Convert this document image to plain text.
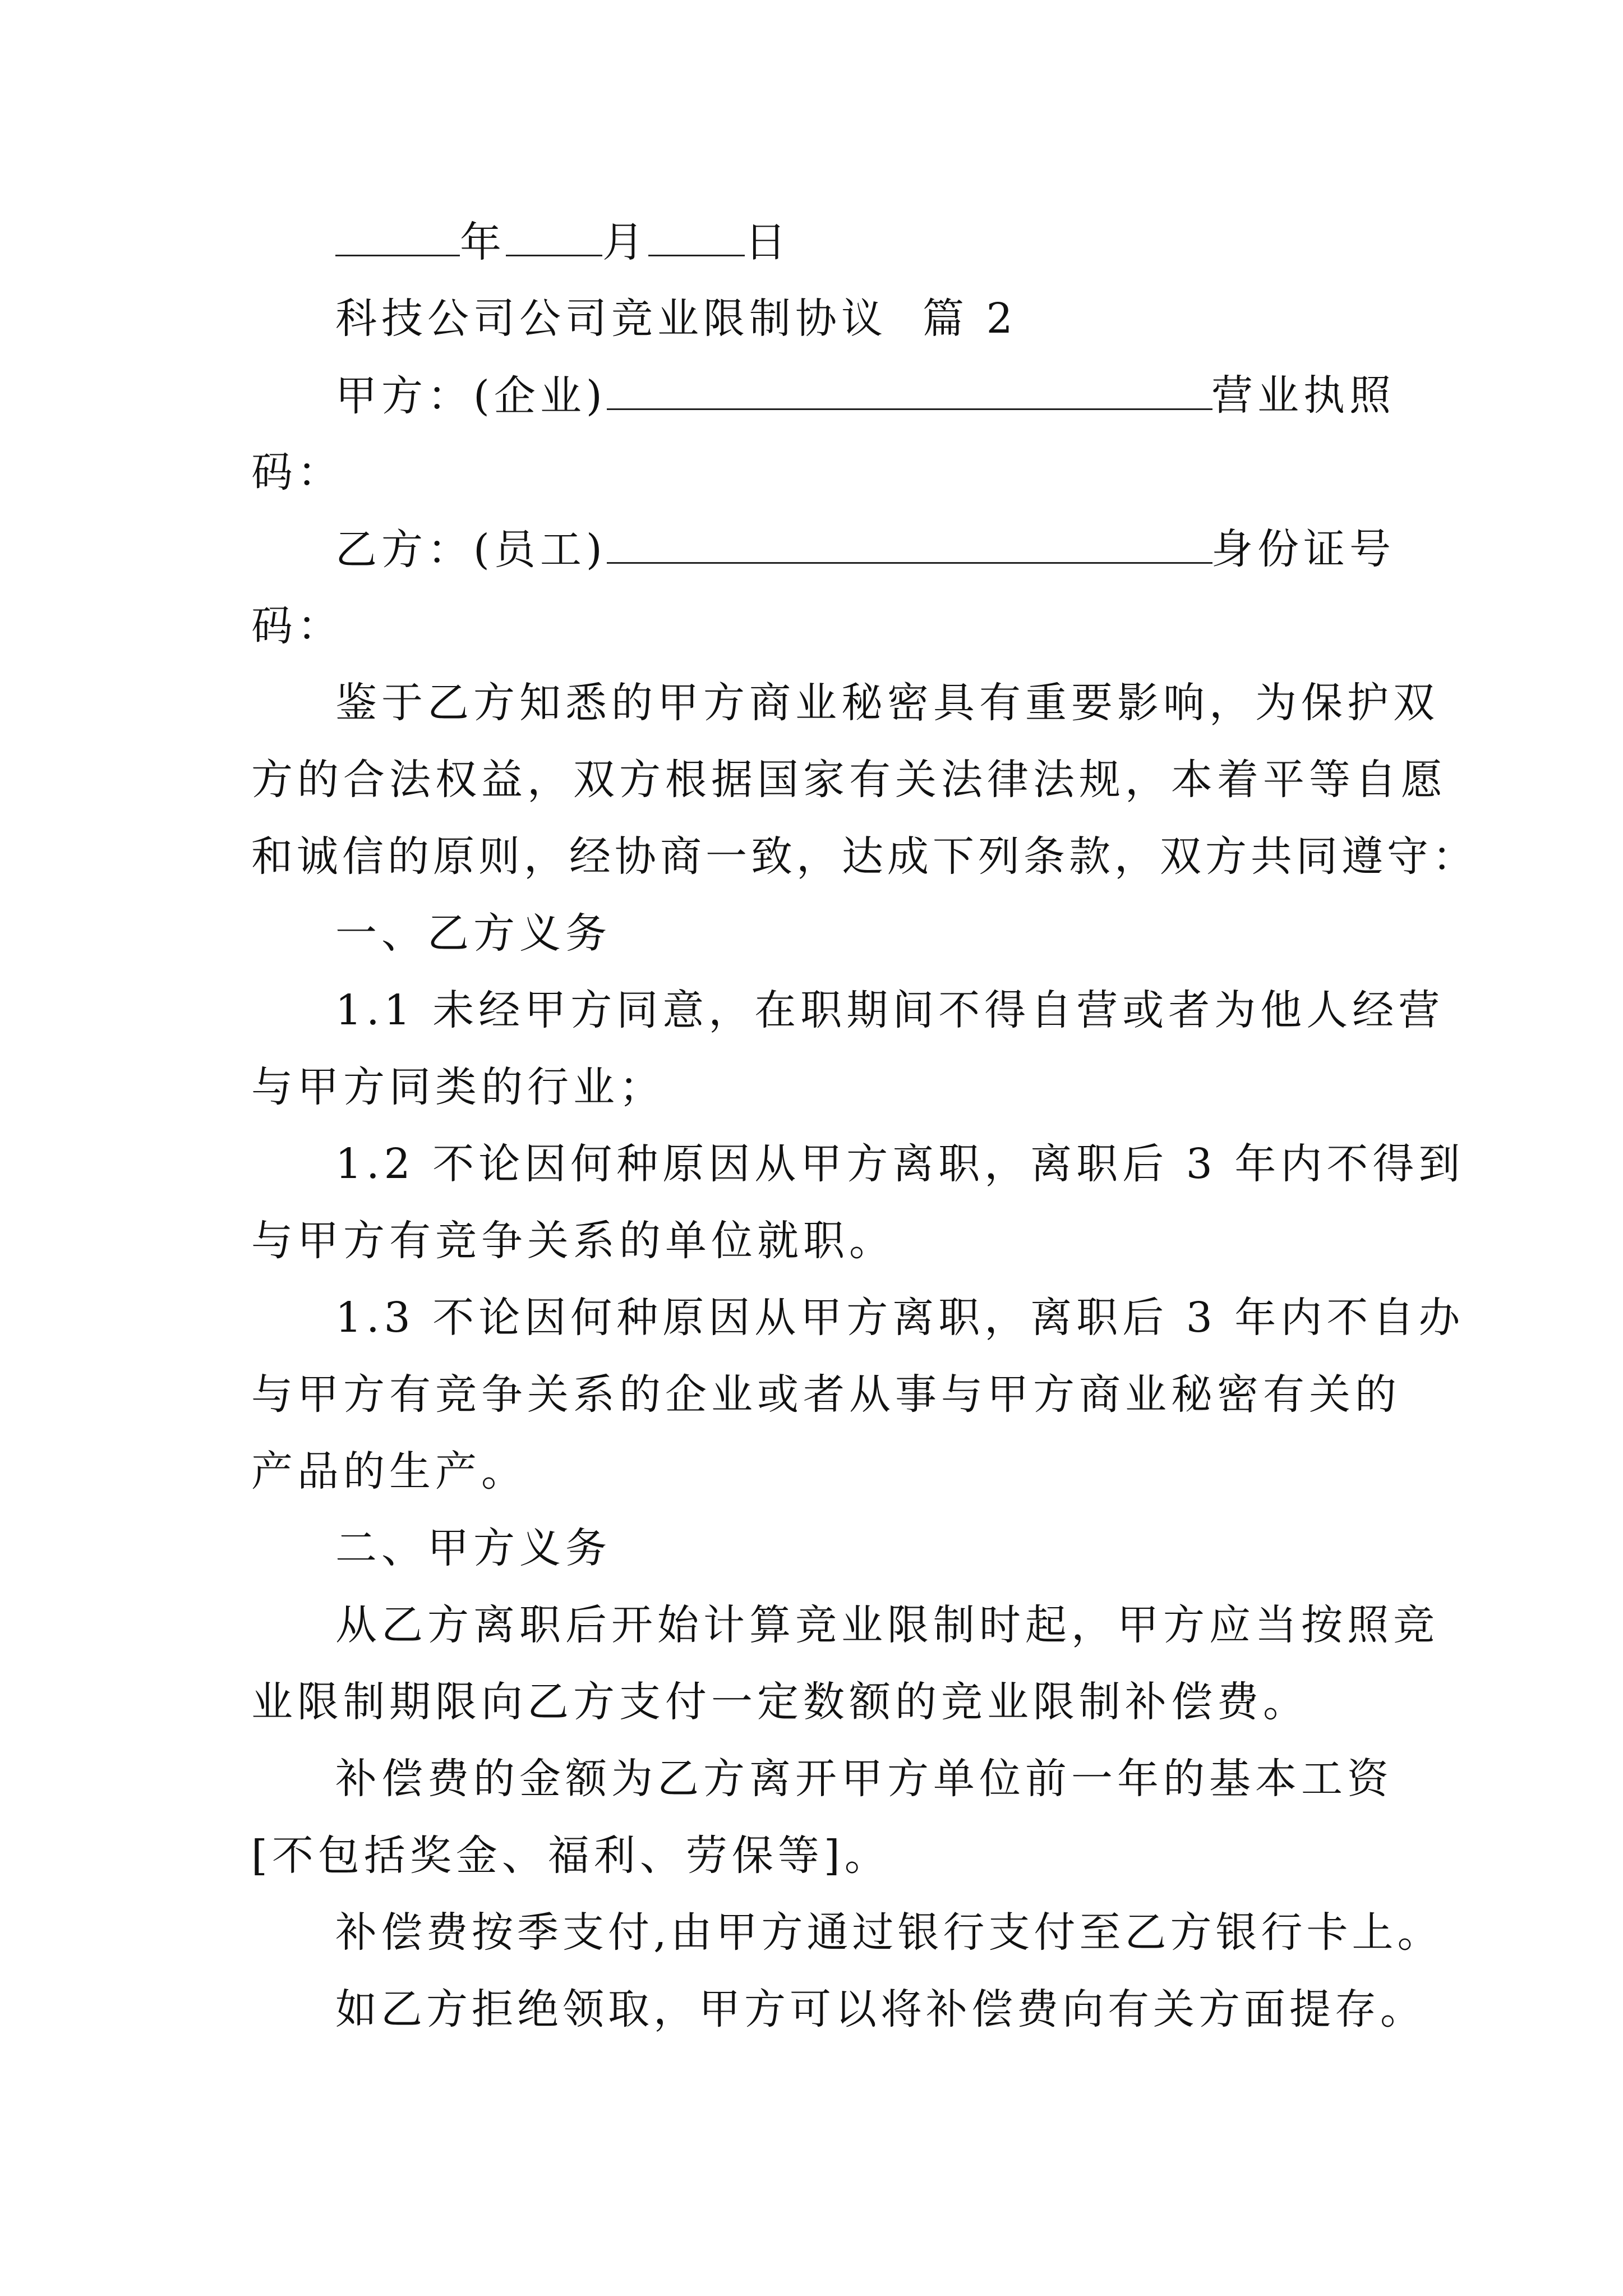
年 月 日
科技公司公司竞业限制协议  篇 2
甲方：(企业)	营业执照
码：
乙方：(员工)	身份证号
码：
鉴于乙方知悉的甲方商业秘密具有重要影响，为保护双
方的合法权益，双方根据国家有关法律法规，本着平等自愿
和诚信的原则，经协商一致，达成下列条款，双方共同遵守：
一、乙方义务
1.1 未经甲方同意，在职期间不得自营或者为他人经营
与甲方同类的行业；
1.2 不论因何种原因从甲方离职，离职后 3 年内不得到
与甲方有竞争关系的单位就职。
1.3 不论因何种原因从甲方离职，离职后 3 年内不自办
与甲方有竞争关系的企业或者从事与甲方商业秘密有关的
产品的生产。
二、甲方义务
从乙方离职后开始计算竞业限制时起，甲方应当按照竞
业限制期限向乙方支付一定数额的竞业限制补偿费。
补偿费的金额为乙方离开甲方单位前一年的基本工资
[不包括奖金、福利、劳保等]。
补偿费按季支付,由甲方通过银行支付至乙方银行卡上。
如乙方拒绝领取，甲方可以将补偿费向有关方面提存。
